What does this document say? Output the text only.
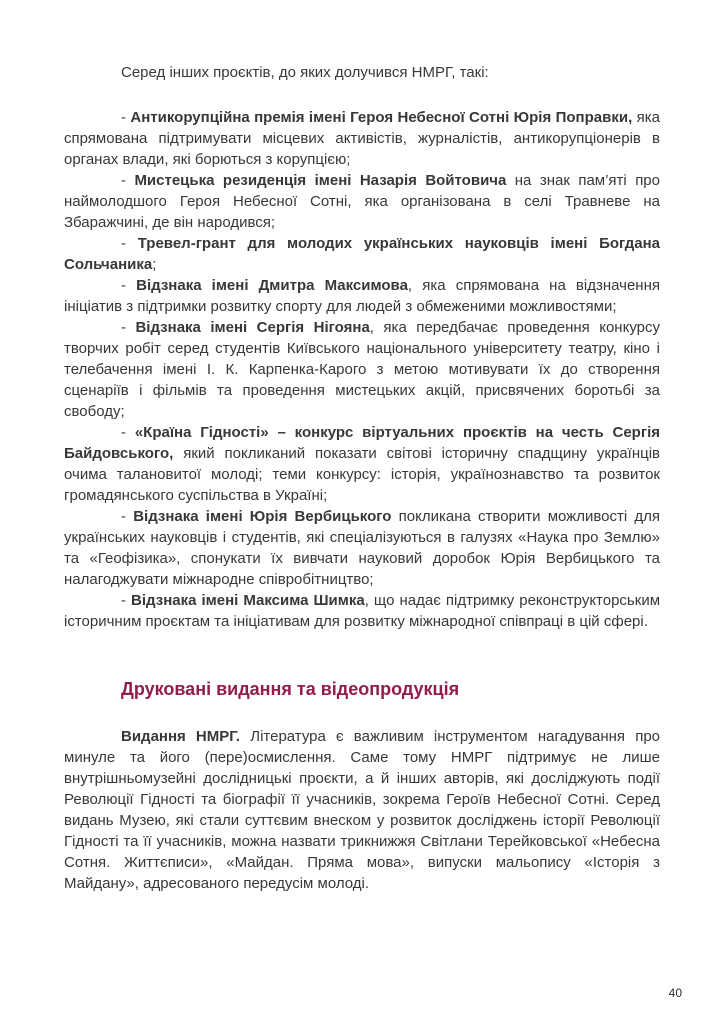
Серед інших проєктів, до яких долучився НМРГ, такі:

- Антикорупційна премія імені Героя Небесної Сотні Юрія Поправки, яка спрямована підтримувати місцевих активістів, журналістів, антикорупціонерів в органах влади, які борються з корупцією;

- Мистецька резиденція імені Назарія Войтовича на знак пам’яті про наймолодшого Героя Небесної Сотні, яка організована в селі Травневе на Збаражчині, де він народився;

- Тревел-грант для молодих українських науковців імені Богдана Сольчаника;

- Відзнака імені Дмитра Максимова, яка спрямована на відзначення ініціатив з підтримки розвитку спорту для людей з обмеженими можливостями;

- Відзнака імені Сергія Нігояна, яка передбачає проведення конкурсу творчих робіт серед студентів Київського національного університету театру, кіно і телебачення імені І. К. Карпенка-Карого з метою мотивувати їх до створення сценаріїв і фільмів та проведення мистецьких акцій, присвячених боротьбі за свободу;

- «Країна Гідності» – конкурс віртуальних проєктів на честь Сергія Байдовського, який покликаний показати світові історичну спадщину українців очима талановитої молоді; теми конкурсу: історія, українознавство та розвиток громадянського суспільства в Україні;

- Відзнака імені Юрія Вербицького покликана створити можливості для українських науковців і студентів, які спеціалізуються в галузях «Наука про Землю» та «Геофізика», спонукати їх вивчати науковий доробок Юрія Вербицького та налагоджувати міжнародне співробітництво;

- Відзнака імені Максима Шимка, що надає підтримку реконструкторським історичним проєктам та ініціативам для розвитку міжнародної співпраці в цій сфері.

Друковані видання та відеопродукція

Видання НМРГ. Література є важливим інструментом нагадування про минуле та його (пере)осмислення. Саме тому НМРГ підтримує не лише внутрішньомузейні дослідницькі проєкти, а й інших авторів, які досліджують події Революції Гідності та біографії її учасників, зокрема Героїв Небесної Сотні. Серед видань Музею, які стали суттєвим внеском у розвиток досліджень історії Революції Гідності та її учасників, можна назвати трикнижжя Світлани Терейковської «Небесна Сотня. Життєписи», «Майдан. Пряма мова», випуски мальопису «Історія з Майдану», адресованого передусім молоді.

40
